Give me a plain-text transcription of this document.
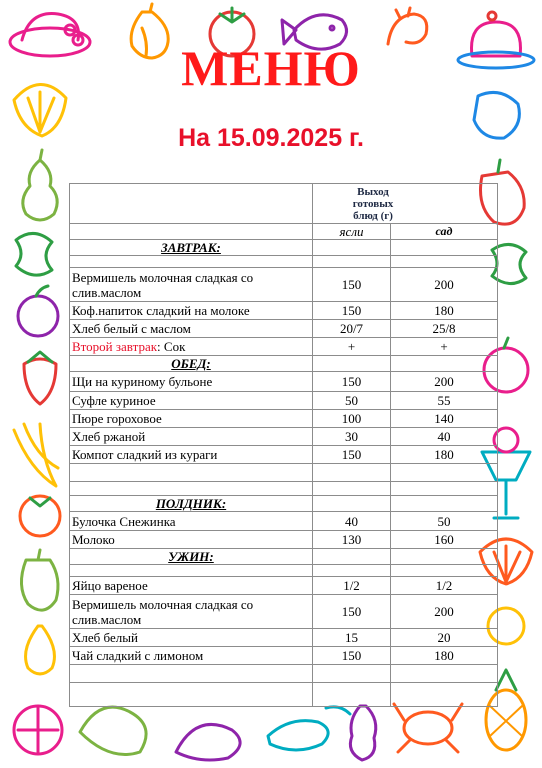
МЕНЮ
На 15.09.2025 г.

	Выход готовых блюд (г)	

	ясли	сад
ЗАВТРАК:		

Вермишель молочная сладкая со слив.маслом	150	200
Коф.напиток сладкий на молоке	150	180
Хлеб белый с маслом	20/7	25/8
Второй завтрак: Сок	+	+
ОБЕД:		
Щи на куриному бульоне	150	200
Суфле куриное	50	55
Пюре гороховое	100	140
Хлеб ржаной	30	40
Компот сладкий из кураги	150	180

ПОЛДНИК:		
Булочка Снежинка	40	50
Молоко	130	160
УЖИН:		

Яйцо вареное	1/2	1/2
Вермишель молочная сладкая со слив.маслом	150	200
Хлеб белый	15	20
Чай сладкий с лимоном	150	180
